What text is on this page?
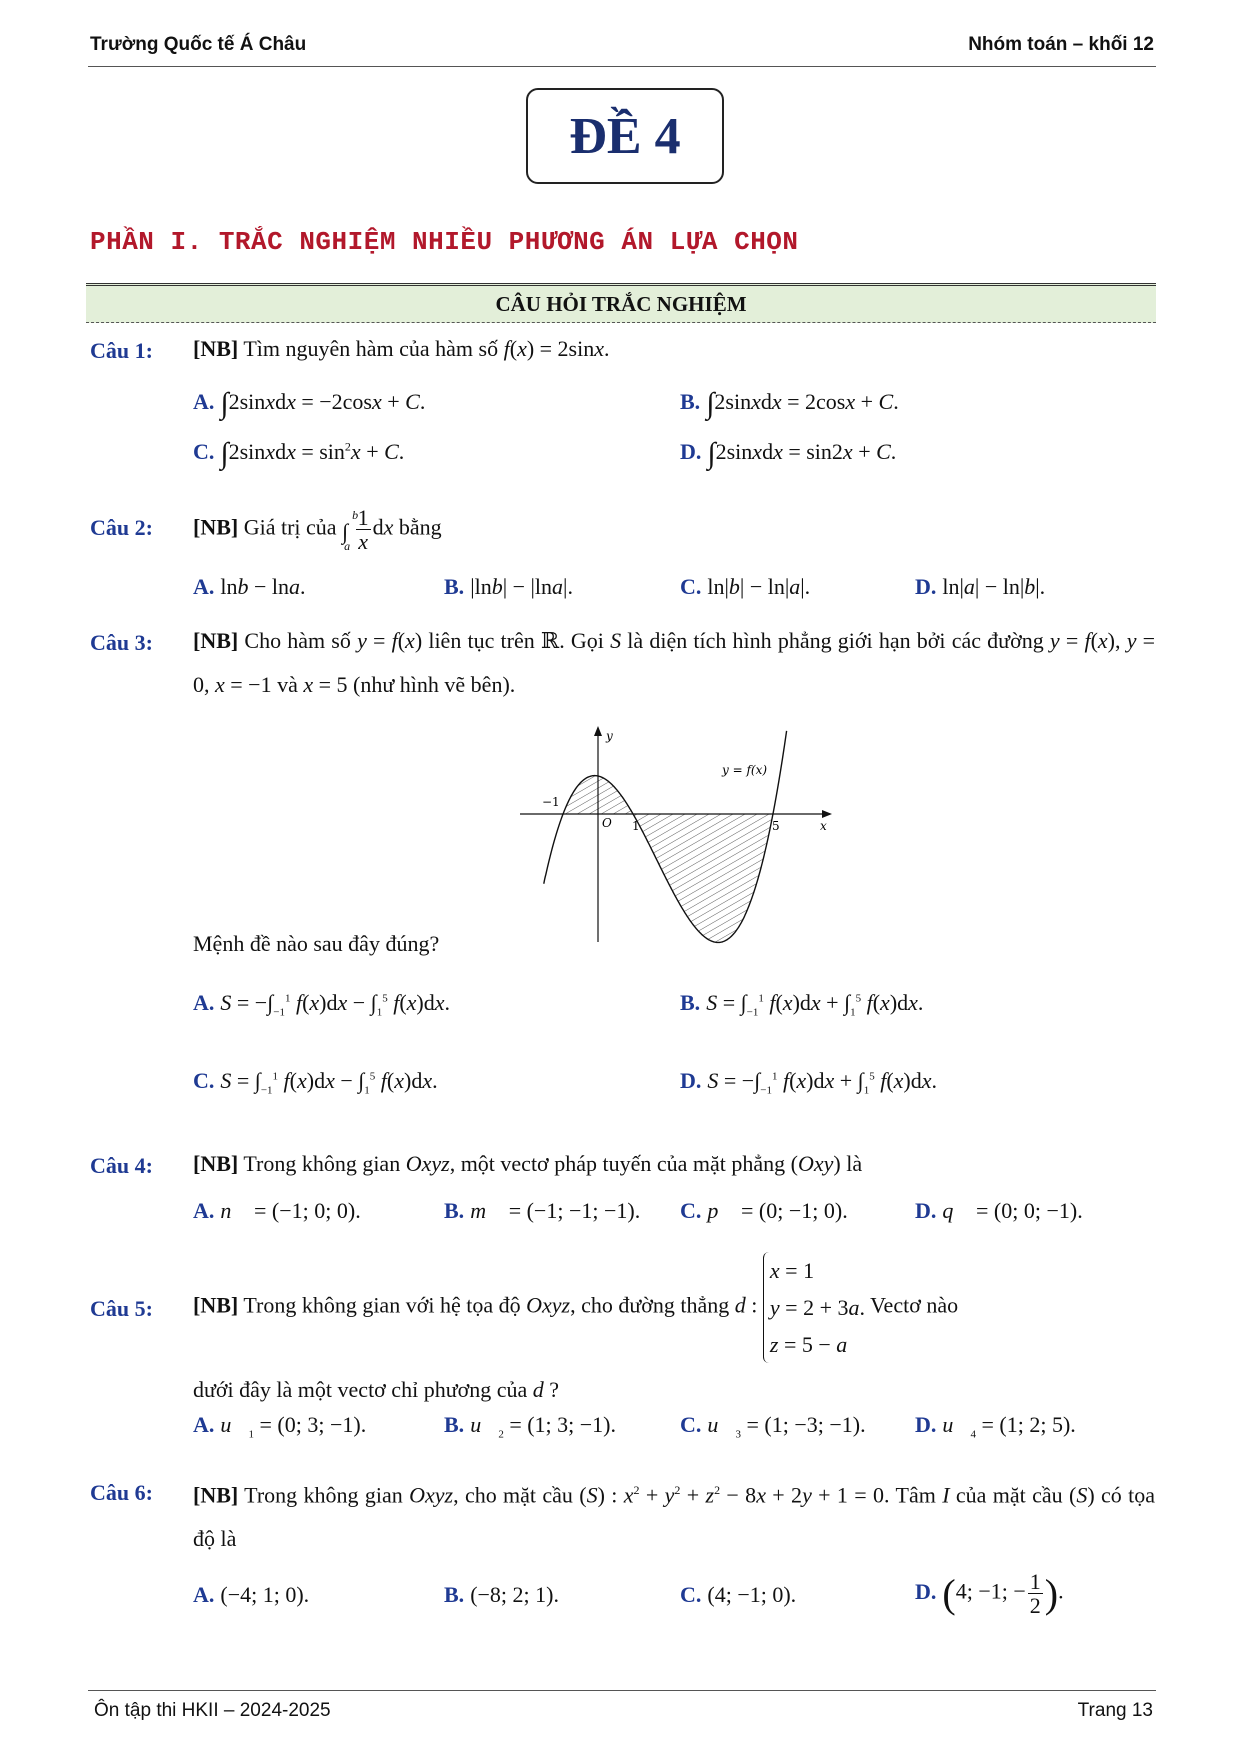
Trường Quốc tế Á Châu	Nhóm toán – khối 12
ĐỀ 4
PHẦN I. TRẮC NGHIỆM NHIỀU PHƯƠNG ÁN LỰA CHỌN
CÂU HỎI TRẮC NGHIỆM
Câu 1: [NB] Tìm nguyên hàm của hàm số f(x) = 2sinx.
A. ∫2sinxdx = −2cosx + C.	B. ∫2sinxdx = 2cosx + C.
C. ∫2sinxdx = $\sin^2x + C$.	D. ∫2sinxdx = sin2x + C.
Câu 2: [NB] Giá trị của ∫
b
a
$\frac{1}{x}$ dx bằng
A. lnb − lna.	B. |lnb| − |lna|.	C. ln|b| − ln|a|.	D. ln|a| − ln|b|.
Câu 3: [NB] Cho hàm số y = f(x) liên tục trên ℝ. Gọi S là diện tích hình phẳng giới hạn bởi các đường y = f(x), y = 0, x = −1 và x = 5 (như hình vẽ bên).
y
x
O
−1
1	5
y = f(x)
Mệnh đề nào sau đây đúng?
A. $S = -\int_{-1}^1$ $f(x)dx - \int_1^5$ f(x)dx.	B. $S = \int_{-1}^1$ $f(x)dx + \int_1^5$ f(x)dx.
C. $S = \int_{-1}^1$ $f(x)dx - \int_1^5$ f(x)dx.	D. $S = -\int_{-1}^1$ $f(x)dx + \int_1^5$ f(x)dx.
Câu 4: [NB] Trong không gian Oxyz, một vectơ pháp tuyến của mặt phẳng (Oxy) là
A. n⃗ = (−1; 0; 0).	B. m⃗ = (−1; −1; −1). C. p⃗ = (0; −1; 0).	D. q⃗ = (0; 0; −1).
Câu 5: [NB] Trong không gian với hệ tọa độ Oxyz, cho đường thẳng d : x = 1
y = 2 + 3a.
z = 5 − a Vectơ nào
dưới đây là một vectơ chỉ phương của d ?
A. $u⃗_1 = (0$; 3; −1).	B. $u⃗_2 = (1$; 3; −1).	C. $u⃗_3 = (1$; −3; −1). D. $u⃗_4 = (1$; 2; 5).
Câu 6: [NB] Trong không gian Oxyz, cho mặt cầu (S) : $x^2 + y^2 + z^2 - 8x + 2y + 1 = 0$. Tâm I của mặt cầu (S) có tọa độ là
A. (−4; 1; 0).	B. (−8; 2; 1).	C. (4; −1; 0).	D. (4; −1; − $\frac{1}{2}$ ).
Ôn tập thi HKII – 2024-2025	Trang 13
